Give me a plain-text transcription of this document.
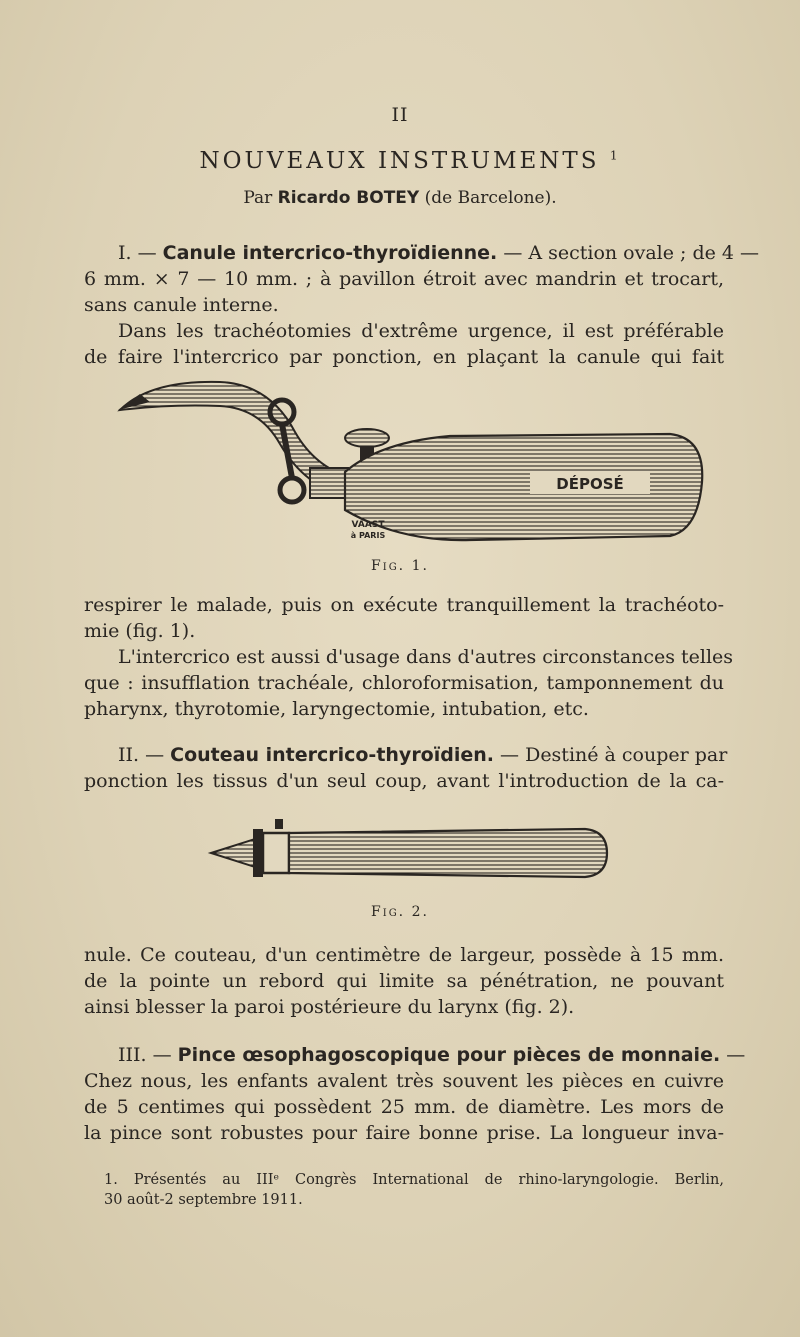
II
NOUVEAUX INSTRUMENTS $^1$
Par Ricardo BOTEY (de Barcelone).
I. — Canule intercrico-thyroïdienne. — A section ovale ; de 4 —
6 mm. × 7 — 10 mm. ; à pavillon étroit avec mandrin et trocart,
sans canule interne.
Dans les trachéotomies d'extrême urgence, il est préférable
de faire l'intercrico par ponction, en plaçant la canule qui fait
DÉPOSÉ
VAAST
à PARIS
Fig. 1.
respirer le malade, puis on exécute tranquillement la trachéoto-
mie (fig. 1).
L'intercrico est aussi d'usage dans d'autres circonstances telles
que : insufflation trachéale, chloroformisation, tamponnement du
pharynx, thyrotomie, laryngectomie, intubation, etc.
II. — Couteau intercrico-thyroïdien. — Destiné à couper par
ponction les tissus d'un seul coup, avant l'introduction de la ca-
Fig. 2.
nule. Ce couteau, d'un centimètre de largeur, possède à 15 mm.
de la pointe un rebord qui limite sa pénétration, ne pouvant
ainsi blesser la paroi postérieure du larynx (fig. 2).
III. — Pince œsophagoscopique pour pièces de monnaie. —
Chez nous, les enfants avalent très souvent les pièces en cuivre
de 5 centimes qui possèdent 25 mm. de diamètre. Les mors de
la pince sont robustes pour faire bonne prise. La longueur inva-
1. Présentés au IIIᵉ Congrès International de rhino-laryngologie. Berlin,
30 août-2 septembre 1911.
